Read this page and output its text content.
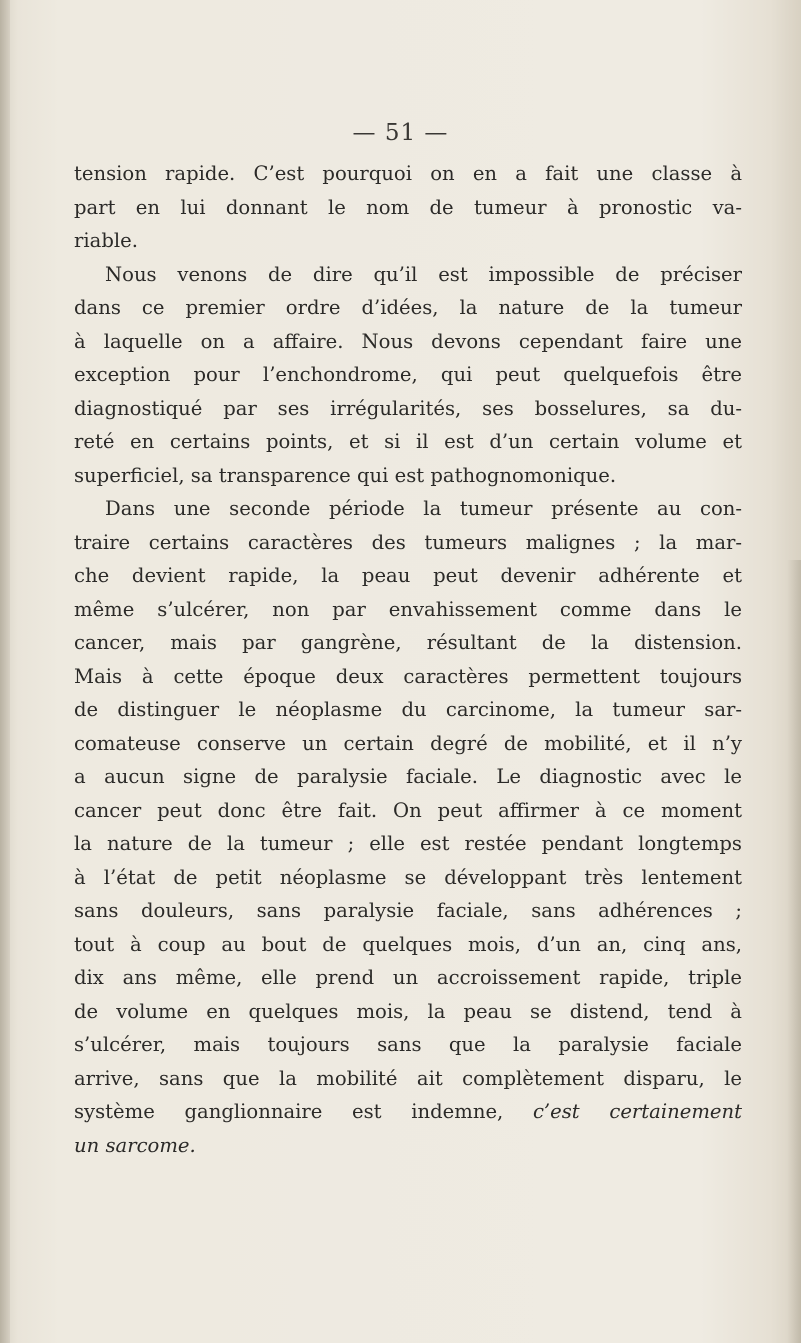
— 51 —
tension rapide. C’est pourquoi on en a fait une classe à
part en lui donnant le nom de tumeur à pronostic va-
riable.
Nous venons de dire qu’il est impossible de préciser
dans ce premier ordre d’idées, la nature de la tumeur
à laquelle on a affaire. Nous devons cependant faire une
exception pour l’enchondrome, qui peut quelquefois être
diagnostiqué par ses irrégularités, ses bosselures, sa du-
reté en certains points, et si il est d’un certain volume et
superficiel, sa transparence qui est pathognomonique.
Dans une seconde période la tumeur présente au con-
traire certains caractères des tumeurs malignes ; la mar-
che devient rapide, la peau peut devenir adhérente et
même s’ulcérer, non par envahissement comme dans le
cancer, mais par gangrène, résultant de la distension.
Mais à cette époque deux caractères permettent toujours
de distinguer le néoplasme du carcinome, la tumeur sar-
comateuse conserve un certain degré de mobilité, et il n’y
a aucun signe de paralysie faciale. Le diagnostic avec le
cancer peut donc être fait. On peut affirmer à ce moment
la nature de la tumeur ; elle est restée pendant longtemps
à l’état de petit néoplasme se développant très lentement
sans douleurs, sans paralysie faciale, sans adhérences ;
tout à coup au bout de quelques mois, d’un an, cinq ans,
dix ans même, elle prend un accroissement rapide, triple
de volume en quelques mois, la peau se distend, tend à
s’ulcérer, mais toujours sans que la paralysie faciale
arrive, sans que la mobilité ait complètement disparu, le
système ganglionnaire est indemne, c’est certainement
un sarcome.
